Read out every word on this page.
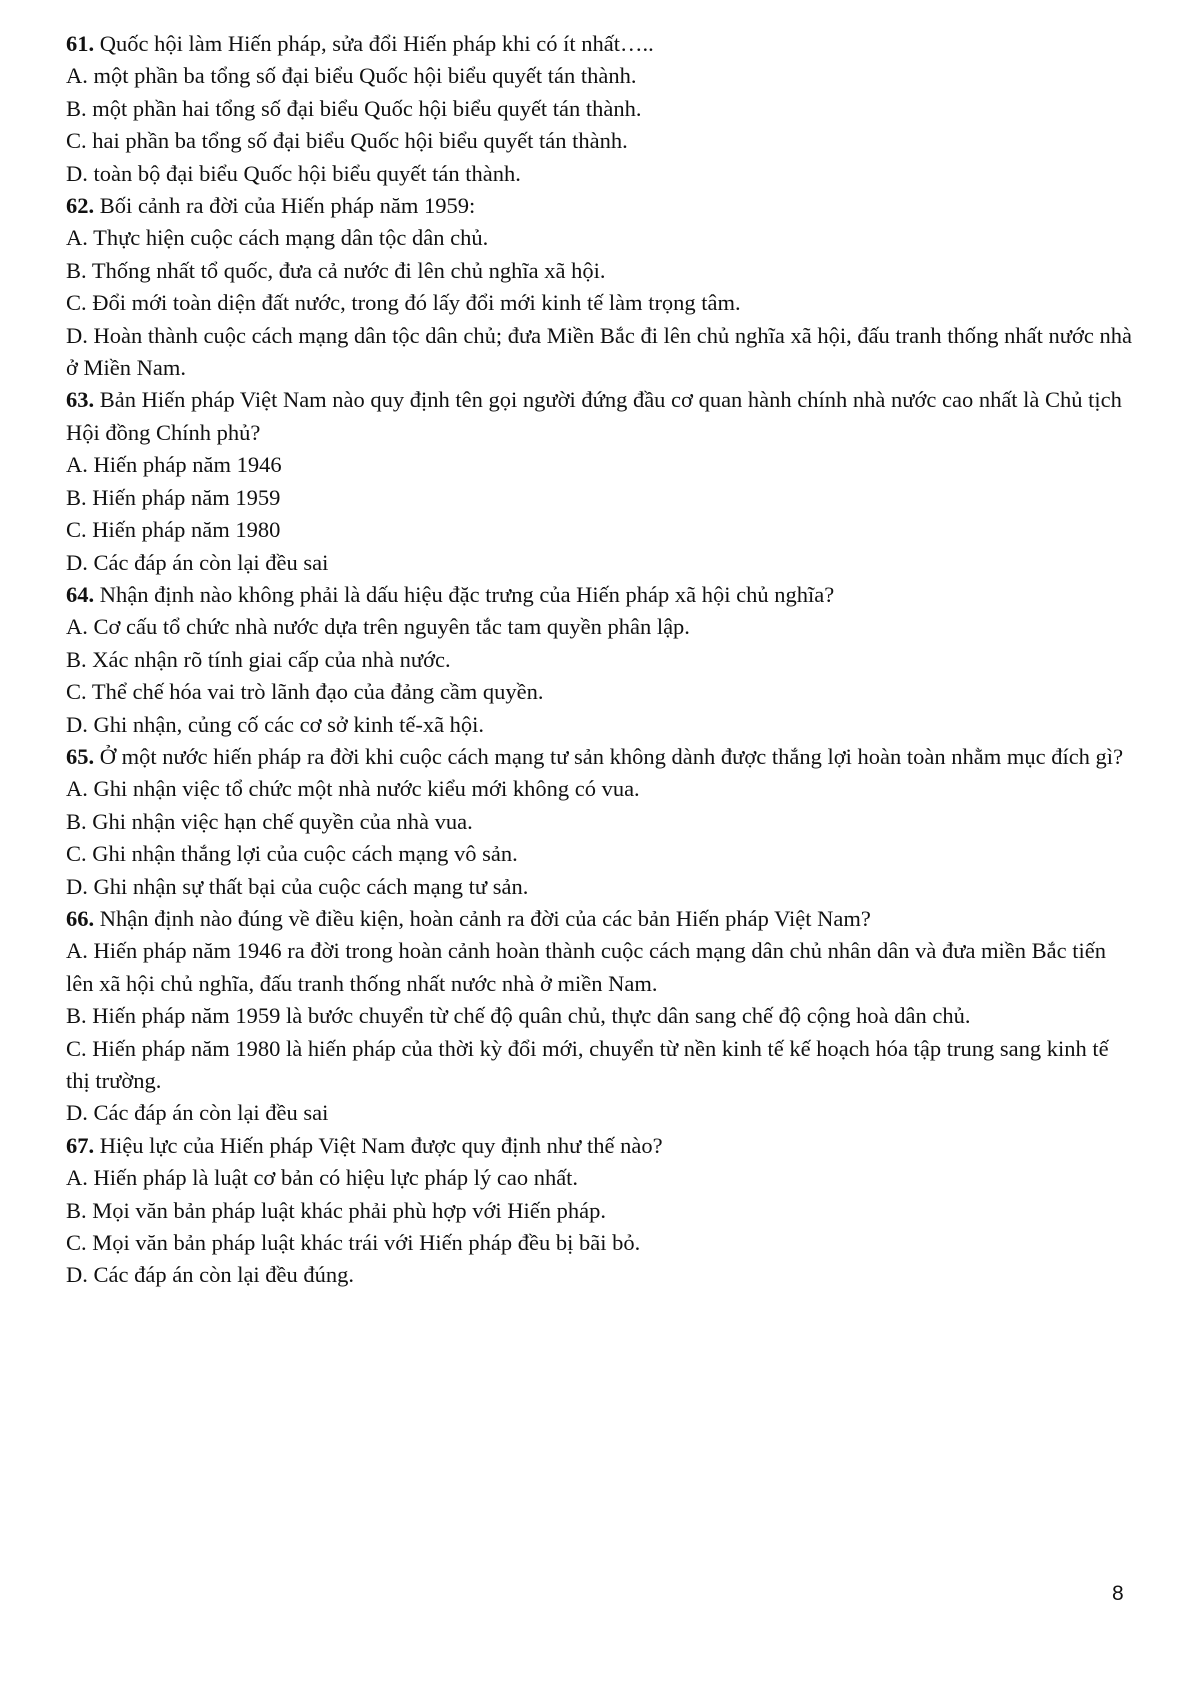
61. Quốc hội làm Hiến pháp, sửa đổi Hiến pháp khi có ít nhất…..

A. một phần ba tổng số đại biểu Quốc hội biểu quyết tán thành.

B. một phần hai tổng số đại biểu Quốc hội biểu quyết tán thành.

C. hai phần ba tổng số đại biểu Quốc hội biểu quyết tán thành.

D. toàn bộ đại biểu Quốc hội biểu quyết tán thành.

62. Bối cảnh ra đời của Hiến pháp năm 1959:

A. Thực hiện cuộc cách mạng dân tộc dân chủ.

B. Thống nhất tổ quốc, đưa cả nước đi lên chủ nghĩa xã hội.

C. Đổi mới toàn diện đất nước, trong đó lấy đổi mới kinh tế làm trọng tâm.

D. Hoàn thành cuộc cách mạng dân tộc dân chủ; đưa Miền Bắc đi lên chủ nghĩa xã hội, đấu tranh thống nhất nước nhà ở Miền Nam.

63. Bản Hiến pháp Việt Nam nào quy định tên gọi người đứng đầu cơ quan hành chính nhà nước cao nhất là Chủ tịch Hội đồng Chính phủ?

A. Hiến pháp năm 1946

B. Hiến pháp năm 1959

C. Hiến pháp năm 1980

D. Các đáp án còn lại đều sai

64. Nhận định nào không phải là dấu hiệu đặc trưng của Hiến pháp xã hội chủ nghĩa?

A. Cơ cấu tổ chức nhà nước dựa trên nguyên tắc tam quyền phân lập.

B. Xác nhận rõ tính giai cấp của nhà nước.

C. Thể chế hóa vai trò lãnh đạo của đảng cầm quyền.

D. Ghi nhận, củng cố các cơ sở kinh tế-xã hội.

65. Ở một nước hiến pháp ra đời khi cuộc cách mạng tư sản không dành được thắng lợi hoàn toàn nhằm mục đích gì?

A. Ghi nhận việc tổ chức một nhà nước kiểu mới không có vua.

B. Ghi nhận việc hạn chế quyền của nhà vua.

C. Ghi nhận thắng lợi của cuộc cách mạng vô sản.

D. Ghi nhận sự thất bại của cuộc cách mạng tư sản.

66. Nhận định nào đúng về điều kiện, hoàn cảnh ra đời của các bản Hiến pháp Việt Nam?

A. Hiến pháp năm 1946 ra đời trong hoàn cảnh hoàn thành cuộc cách mạng dân chủ nhân dân và đưa miền Bắc tiến lên xã hội chủ nghĩa, đấu tranh thống nhất nước nhà ở miền Nam.

B. Hiến pháp năm 1959 là bước chuyển từ chế độ quân chủ, thực dân sang chế độ cộng hoà dân chủ.

C. Hiến pháp năm 1980 là hiến pháp của thời kỳ đổi mới, chuyển từ nền kinh tế kế hoạch hóa tập trung sang kinh tế thị trường.

D. Các đáp án còn lại đều sai

67. Hiệu lực của Hiến pháp Việt Nam được quy định như thế nào?

A. Hiến pháp là luật cơ bản có hiệu lực pháp lý cao nhất.

B. Mọi văn bản pháp luật khác phải phù hợp với Hiến pháp.

C. Mọi văn bản pháp luật khác trái với Hiến pháp đều bị bãi bỏ.

D. Các đáp án còn lại đều đúng.

8
